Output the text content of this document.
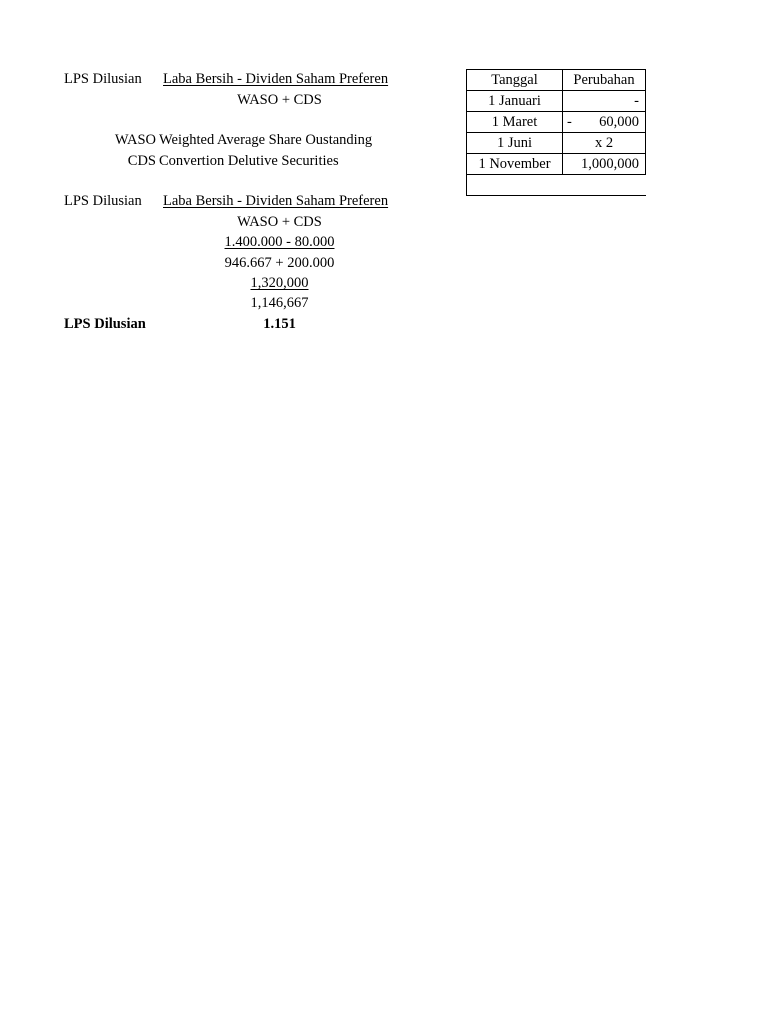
LPS Dilusian Laba Bersih - Dividen Saham Preferen
WASO + CDS
WASO Weighted Average Share Oustanding
CDS Convertion Delutive Securities
LPS Dilusian Laba Bersih - Dividen Saham Preferen
WASO + CDS
1.400.000 - 80.000
946.667 + 200.000
1,320,000
1,146,667
LPS Dilusian	1.151
Tanggal	Perubahan
1 Januari	-
1 Maret	- 60,000
1 Juni	x 2
1 November	1,000,000
